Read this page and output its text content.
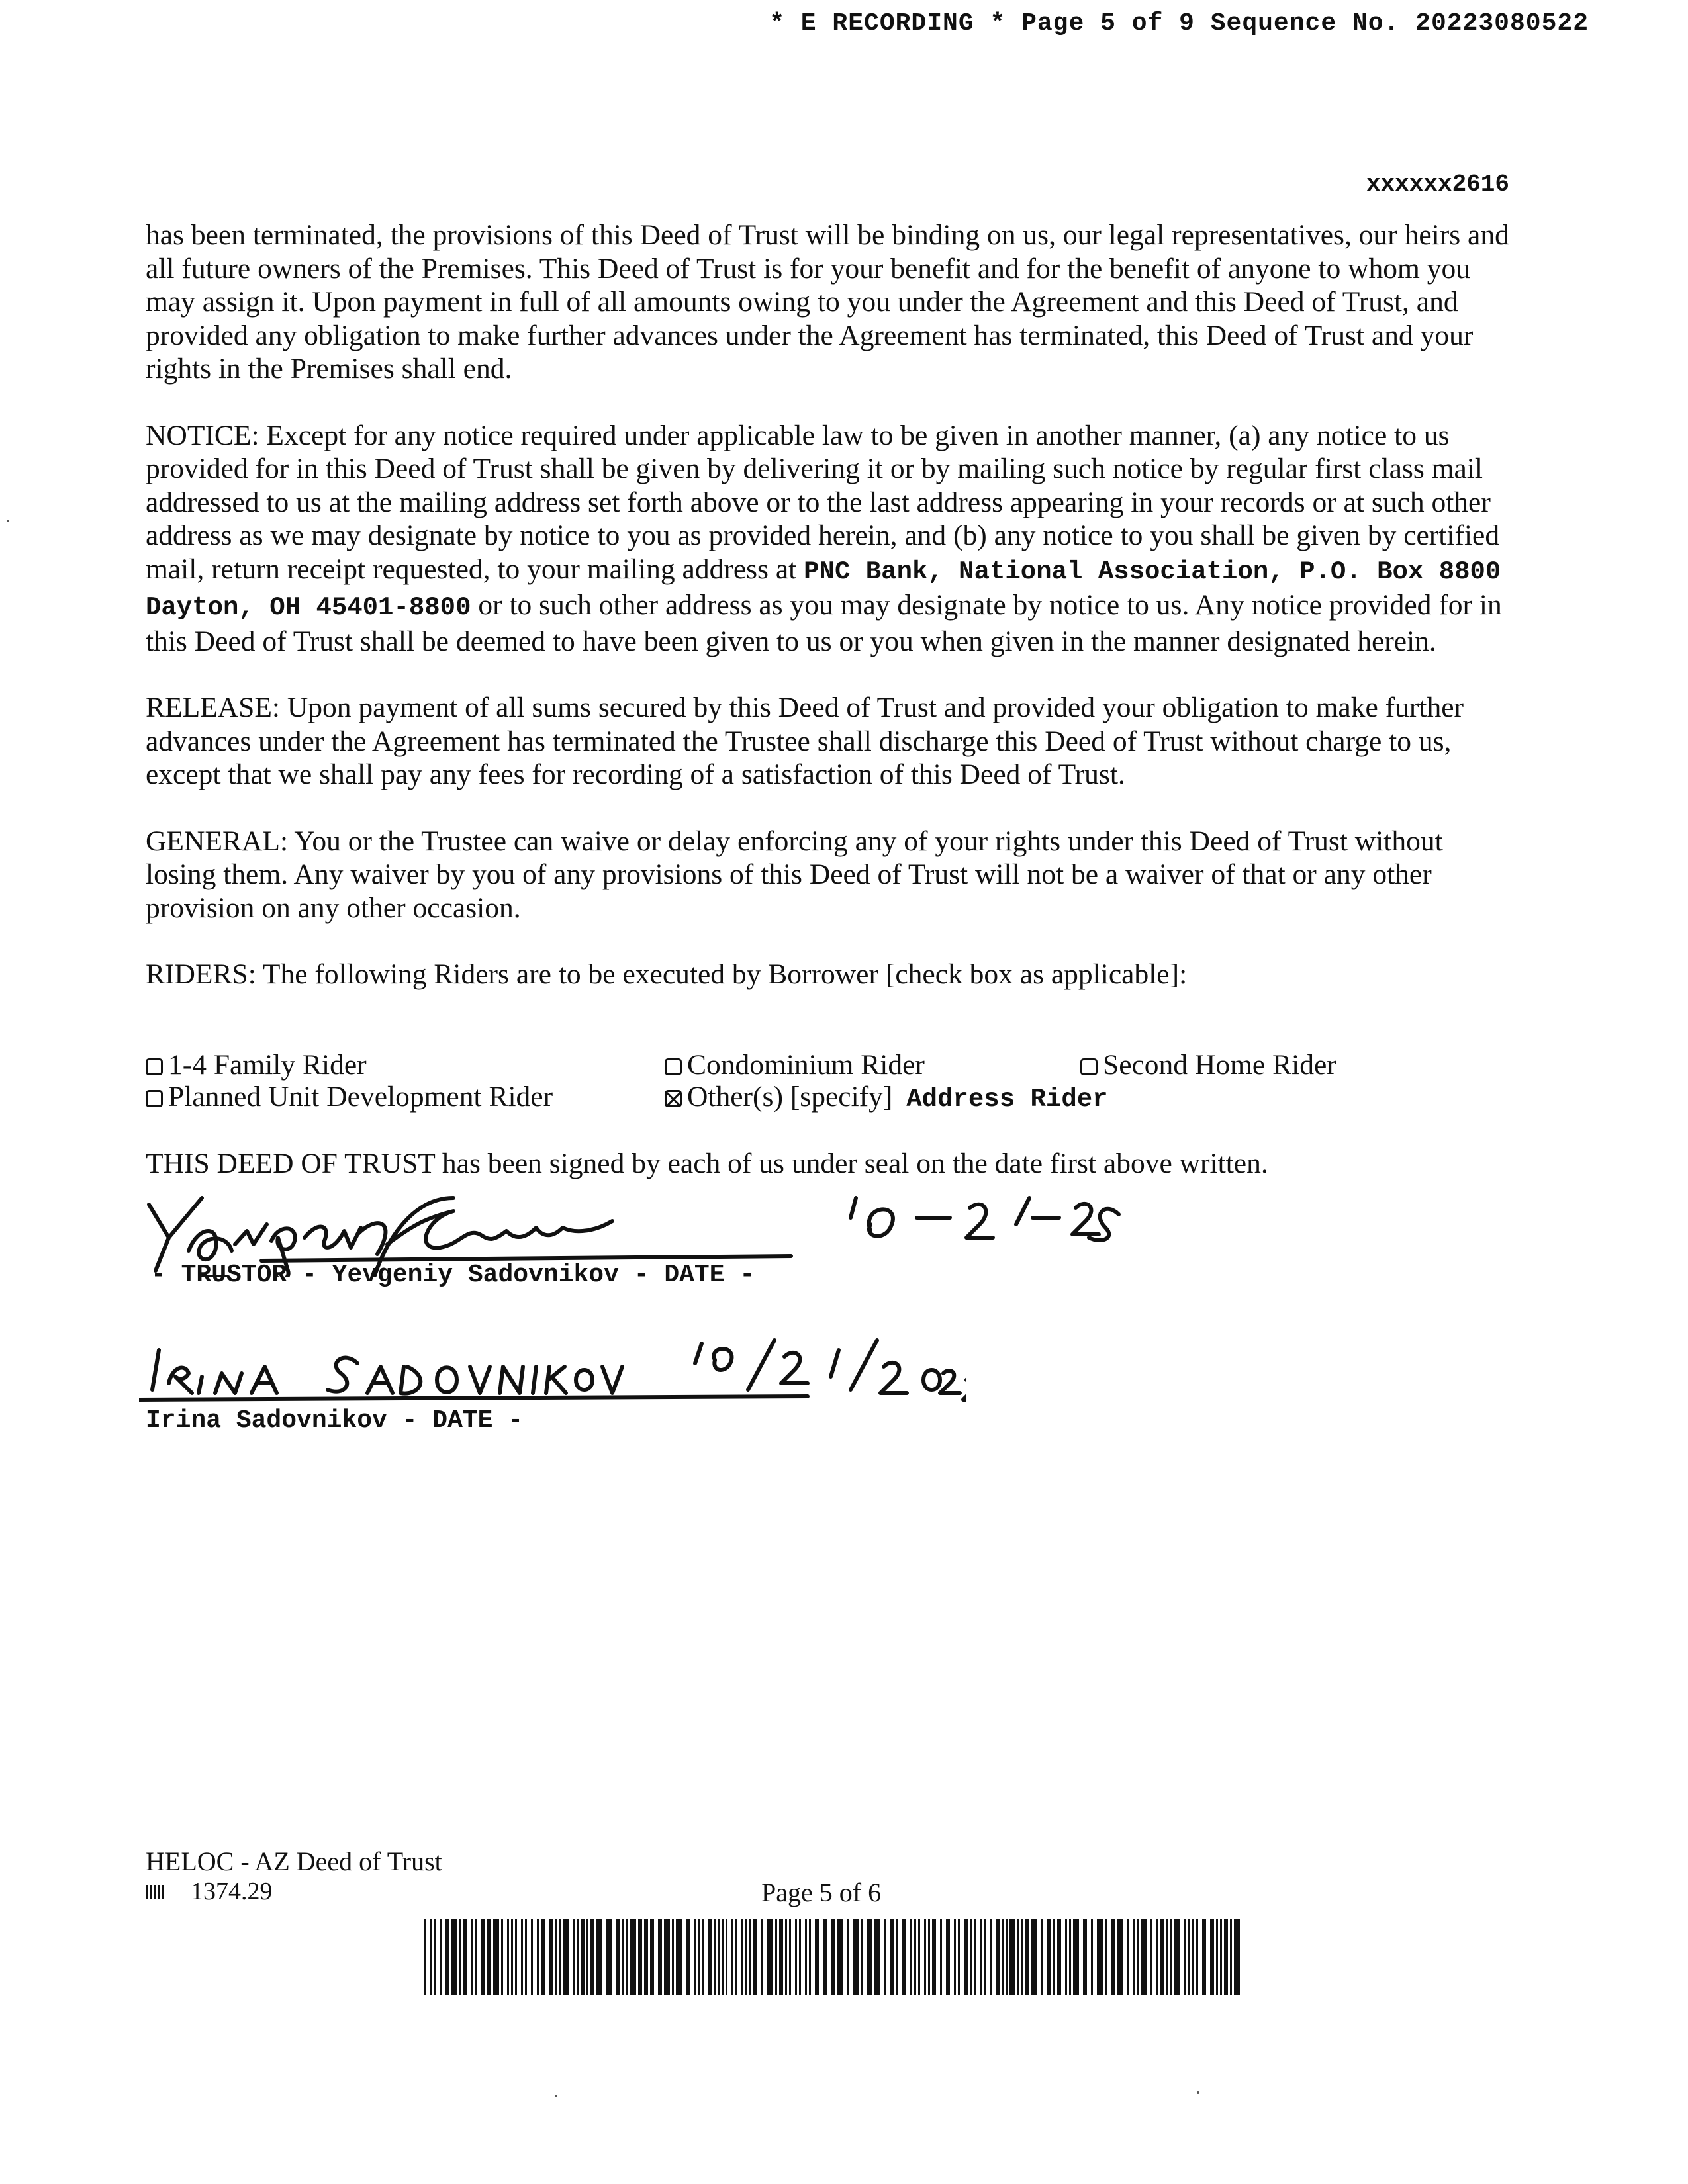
* E RECORDING * Page 5 of 9 Sequence No. 20223080522
xxxxxx2616

has been terminated, the provisions of this Deed of Trust will be binding on us, our legal representatives, our heirs and all future owners of the Premises. This Deed of Trust is for your benefit and for the benefit of anyone to whom you may assign it. Upon payment in full of all amounts owing to you under the Agreement and this Deed of Trust, and provided any obligation to make further advances under the Agreement has terminated, this Deed of Trust and your rights in the Premises shall end.

NOTICE: Except for any notice required under applicable law to be given in another manner, (a) any notice to us provided for in this Deed of Trust shall be given by delivering it or by mailing such notice by regular first class mail addressed to us at the mailing address set forth above or to the last address appearing in your records or at such other address as we may designate by notice to you as provided herein, and (b) any notice to you shall be given by certified mail, return receipt requested, to your mailing address at PNC Bank, National Association, P.O. Box 8800 Dayton, OH 45401-8800 or to such other address as you may designate by notice to us. Any notice provided for in this Deed of Trust shall be deemed to have been given to us or you when given in the manner designated herein.

RELEASE: Upon payment of all sums secured by this Deed of Trust and provided your obligation to make further advances under the Agreement has terminated the Trustee shall discharge this Deed of Trust without charge to us, except that we shall pay any fees for recording of a satisfaction of this Deed of Trust.

GENERAL: You or the Trustee can waive or delay enforcing any of your rights under this Deed of Trust without losing them. Any waiver by you of any provisions of this Deed of Trust will not be a waiver of that or any other provision on any other occasion.

RIDERS: The following Riders are to be executed by Borrower [check box as applicable]:

1-4 Family Rider	Condominium Rider	Second Home Rider
Planned Unit Development Rider	Other(s) [specify] Address Rider
THIS DEED OF TRUST has been signed by each of us under seal on the date first above written.
- TRUSTOR - Yevgeniy Sadovnikov - DATE -
Irina Sadovnikov - DATE -
HELOC - AZ Deed of Trust
1374.29	Page 5 of 6
